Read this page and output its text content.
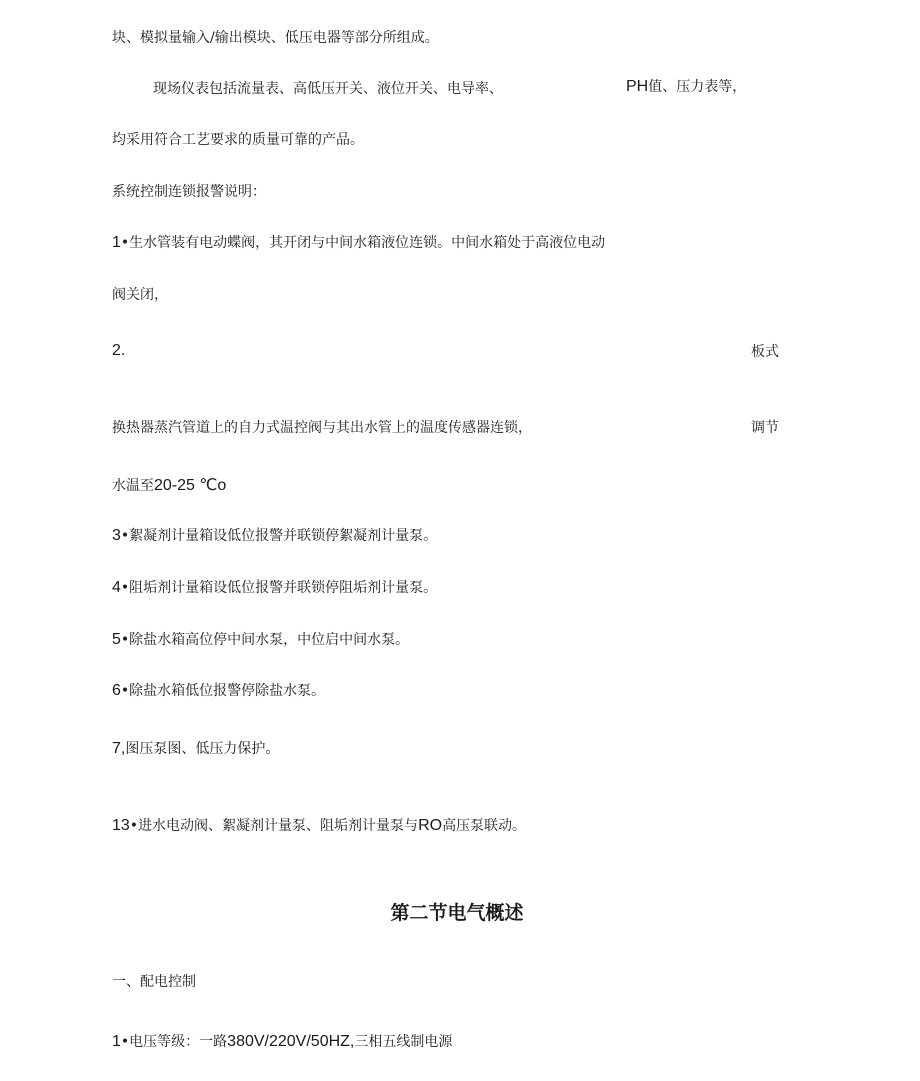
块、模拟量输入/输出模块、低压电器等部分所组成。
现场仪表包括流量表、高低压开关、液位开关、电导率、	PH值、压力表等，
均采用符合工艺要求的质量可靠的产品。
系统控制连锁报警说明：
1•生水管装有电动蝶阀，其开闭与中间水箱液位连锁。中间水箱处于高液位电动
阀关闭，
2.	板式
换热器蒸汽管道上的自力式温控阀与其出水管上的温度传感器连锁，	调节
水温至20-25 ℃o
3•絮凝剂计量箱设低位报警并联锁停絮凝剂计量泵。
4•阻垢剂计量箱设低位报警并联锁停阻垢剂计量泵。
5•除盐水箱高位停中间水泵，中位启中间水泵。
6•除盐水箱低位报警停除盐水泵。
7,图压泵图、低压力保护。
13•进水电动阀、絮凝剂计量泵、阻垢剂计量泵与RO高压泵联动。
第二节电气概述
一、配电控制
1•电压等级：一路380V/220V/50HZ,三相五线制电源
